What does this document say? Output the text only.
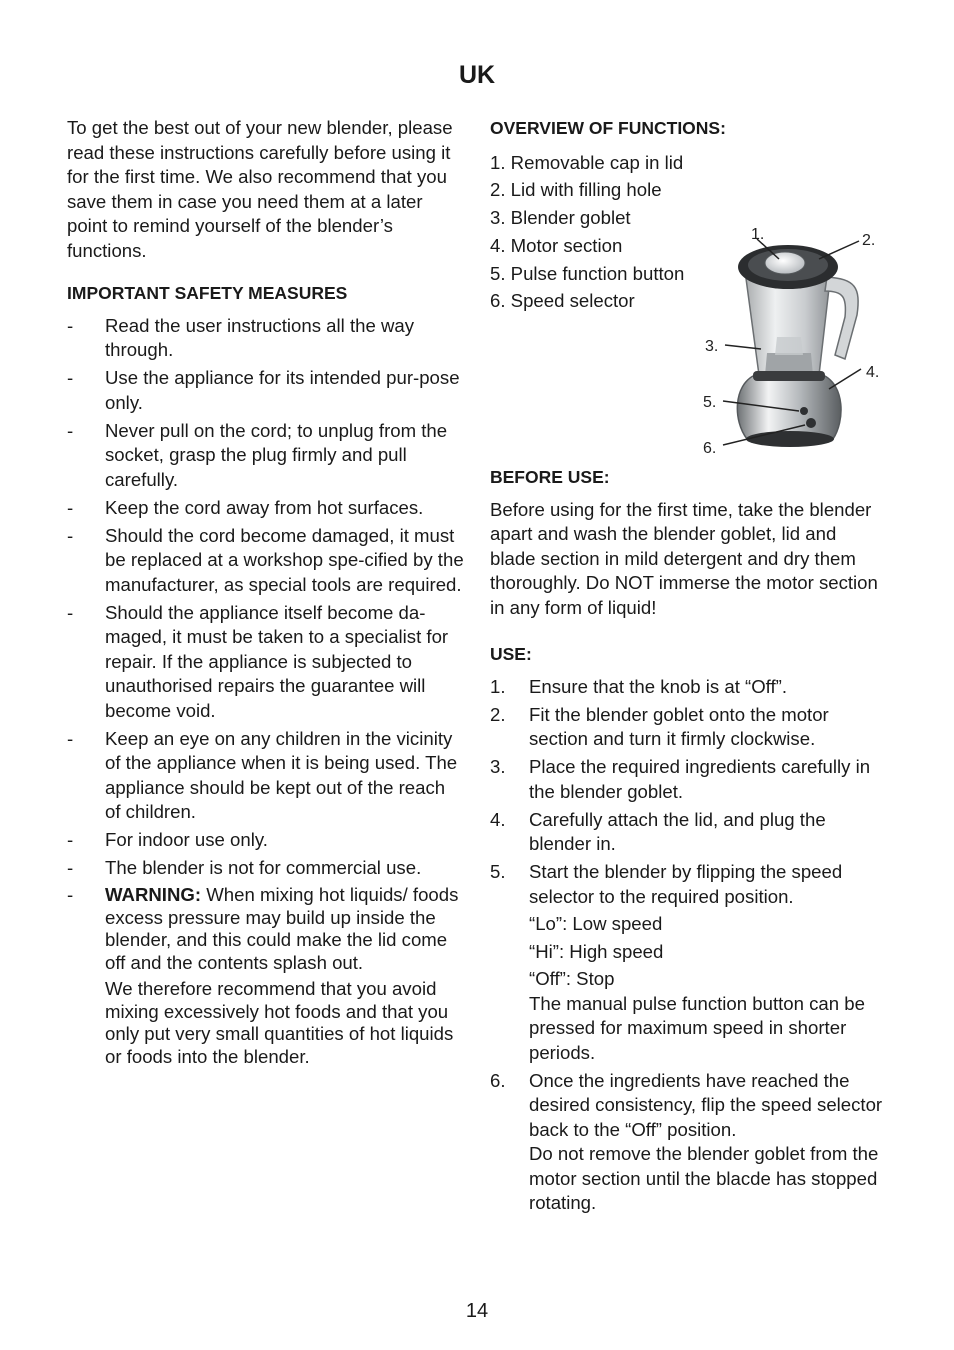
UK

To get the best out of your new blender, please read these instructions carefully before using it for the first time. We also recommend that you save them in case you need them at a later point to remind yourself of the blender’s functions.

IMPORTANT SAFETY MEASURES

- Read the user instructions all the way through.
- Use the appliance for its intended pur-pose only.
- Never pull on the cord; to unplug from the socket, grasp the plug firmly and pull carefully.
- Keep the cord away from hot surfaces.
- Should the cord become damaged, it must be replaced at a workshop spe-cified by the manufacturer, as special tools are required.
- Should the appliance itself become da-maged, it must be taken to a specialist for repair. If the appliance is subjected to unauthorised repairs the guarantee will become void.
- Keep an eye on any children in the vicinity of the appliance when it is being used. The appliance should be kept out of the reach of children.
- For indoor use only.
- The blender is not for commercial use.
- WARNING: When mixing hot liquids/ foods excess pressure may build up inside the blender, and this could make the lid come off and the contents splash out.

We therefore recommend that you avoid mixing excessively hot foods and that you only put very small quantities of hot liquids or foods into the blender.

OVERVIEW OF FUNCTIONS:

1. Removable cap in lid
2. Lid with filling hole
3. Blender goblet
4. Motor section
5. Pulse function button
6. Speed selector
1.	2.
3.
4.
5.
6.

BEFORE USE:

Before using for the first time, take the blender apart and wash the blender goblet, lid and blade section in mild detergent and dry them thoroughly. Do NOT immerse the motor section in any form of liquid!

USE:

1. Ensure that the knob is at “Off”.
2. Fit the blender goblet onto the motor section and turn it firmly clockwise.
3. Place the required ingredients carefully in the blender goblet.
4. Carefully attach the lid, and plug the blender in.
5. Start the blender by flipping the speed selector to the required position.

“Lo”: Low speed

“Hi”: High speed

“Off”: Stop

The manual pulse function button can be pressed for maximum speed in shorter periods.

6. Once the ingredients have reached the desired consistency, flip the speed selector back to the “Off” position.

Do not remove the blender goblet from the motor section until the blacde has stopped rotating.

14
